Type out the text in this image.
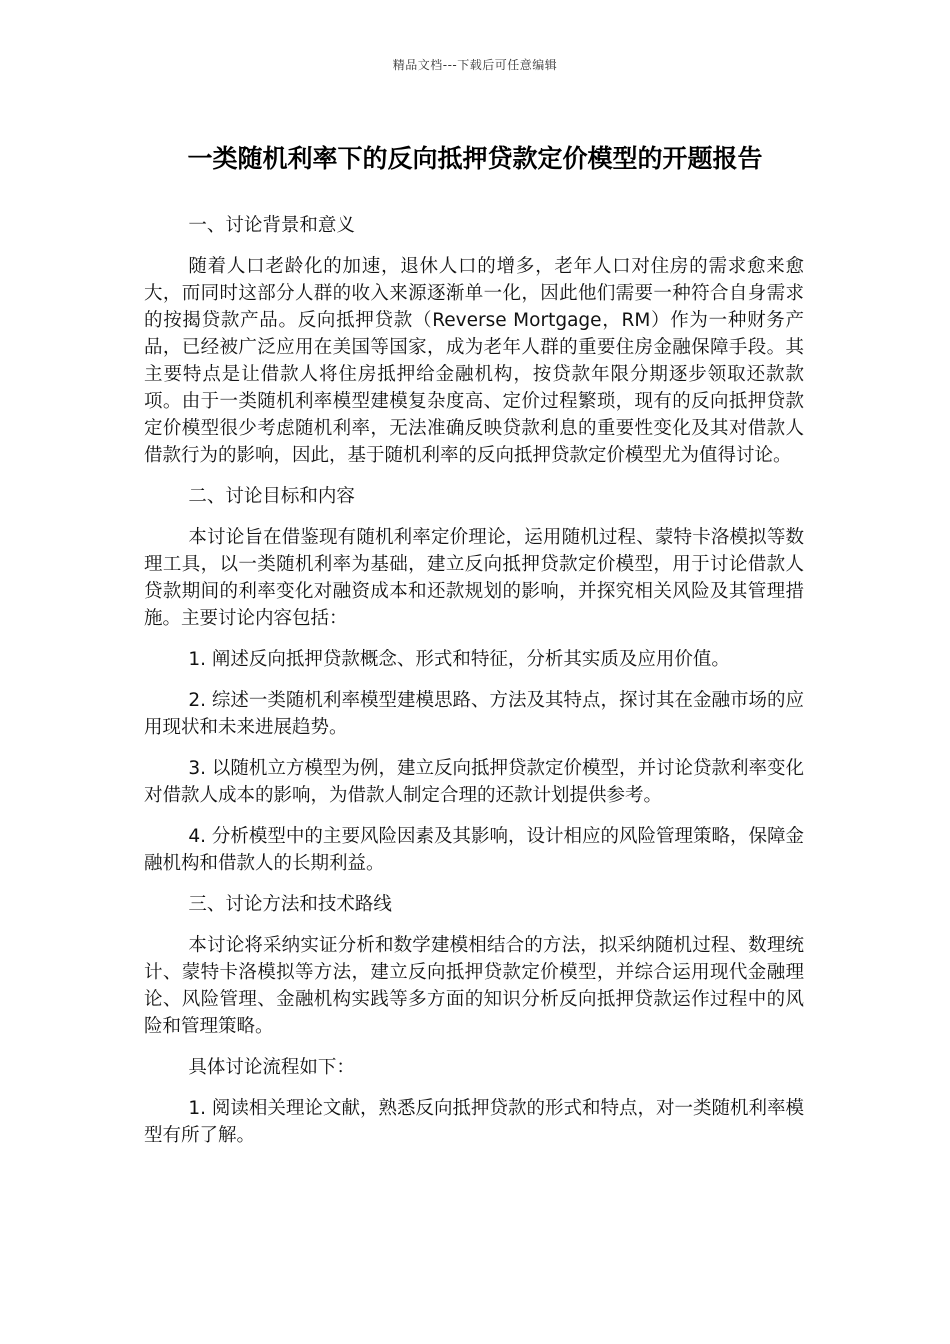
精品文档---下载后可任意编辑
一类随机利率下的反向抵押贷款定价模型的开题报告

一、讨论背景和意义

随着人口老龄化的加速，退休人口的增多，老年人口对住房的需求愈来愈大，而同时这部分人群的收入来源逐渐单一化，因此他们需要一种符合自身需求的按揭贷款产品。反向抵押贷款（Reverse Mortgage，RM）作为一种财务产品，已经被广泛应用在美国等国家，成为老年人群的重要住房金融保障手段。其主要特点是让借款人将住房抵押给金融机构，按贷款年限分期逐步领取还款款项。由于一类随机利率模型建模复杂度高、定价过程繁琐，现有的反向抵押贷款定价模型很少考虑随机利率，无法准确反映贷款利息的重要性变化及其对借款人借款行为的影响，因此，基于随机利率的反向抵押贷款定价模型尤为值得讨论。

二、讨论目标和内容

本讨论旨在借鉴现有随机利率定价理论，运用随机过程、蒙特卡洛模拟等数理工具，以一类随机利率为基础，建立反向抵押贷款定价模型，用于讨论借款人贷款期间的利率变化对融资成本和还款规划的影响，并探究相关风险及其管理措施。主要讨论内容包括：

1. 阐述反向抵押贷款概念、形式和特征，分析其实质及应用价值。

2. 综述一类随机利率模型建模思路、方法及其特点，探讨其在金融市场的应用现状和未来进展趋势。

3. 以随机立方模型为例，建立反向抵押贷款定价模型，并讨论贷款利率变化对借款人成本的影响，为借款人制定合理的还款计划提供参考。

4. 分析模型中的主要风险因素及其影响，设计相应的风险管理策略，保障金融机构和借款人的长期利益。

三、讨论方法和技术路线

本讨论将采纳实证分析和数学建模相结合的方法，拟采纳随机过程、数理统计、蒙特卡洛模拟等方法，建立反向抵押贷款定价模型，并综合运用现代金融理论、风险管理、金融机构实践等多方面的知识分析反向抵押贷款运作过程中的风险和管理策略。

具体讨论流程如下：

1. 阅读相关理论文献，熟悉反向抵押贷款的形式和特点，对一类随机利率模型有所了解。
